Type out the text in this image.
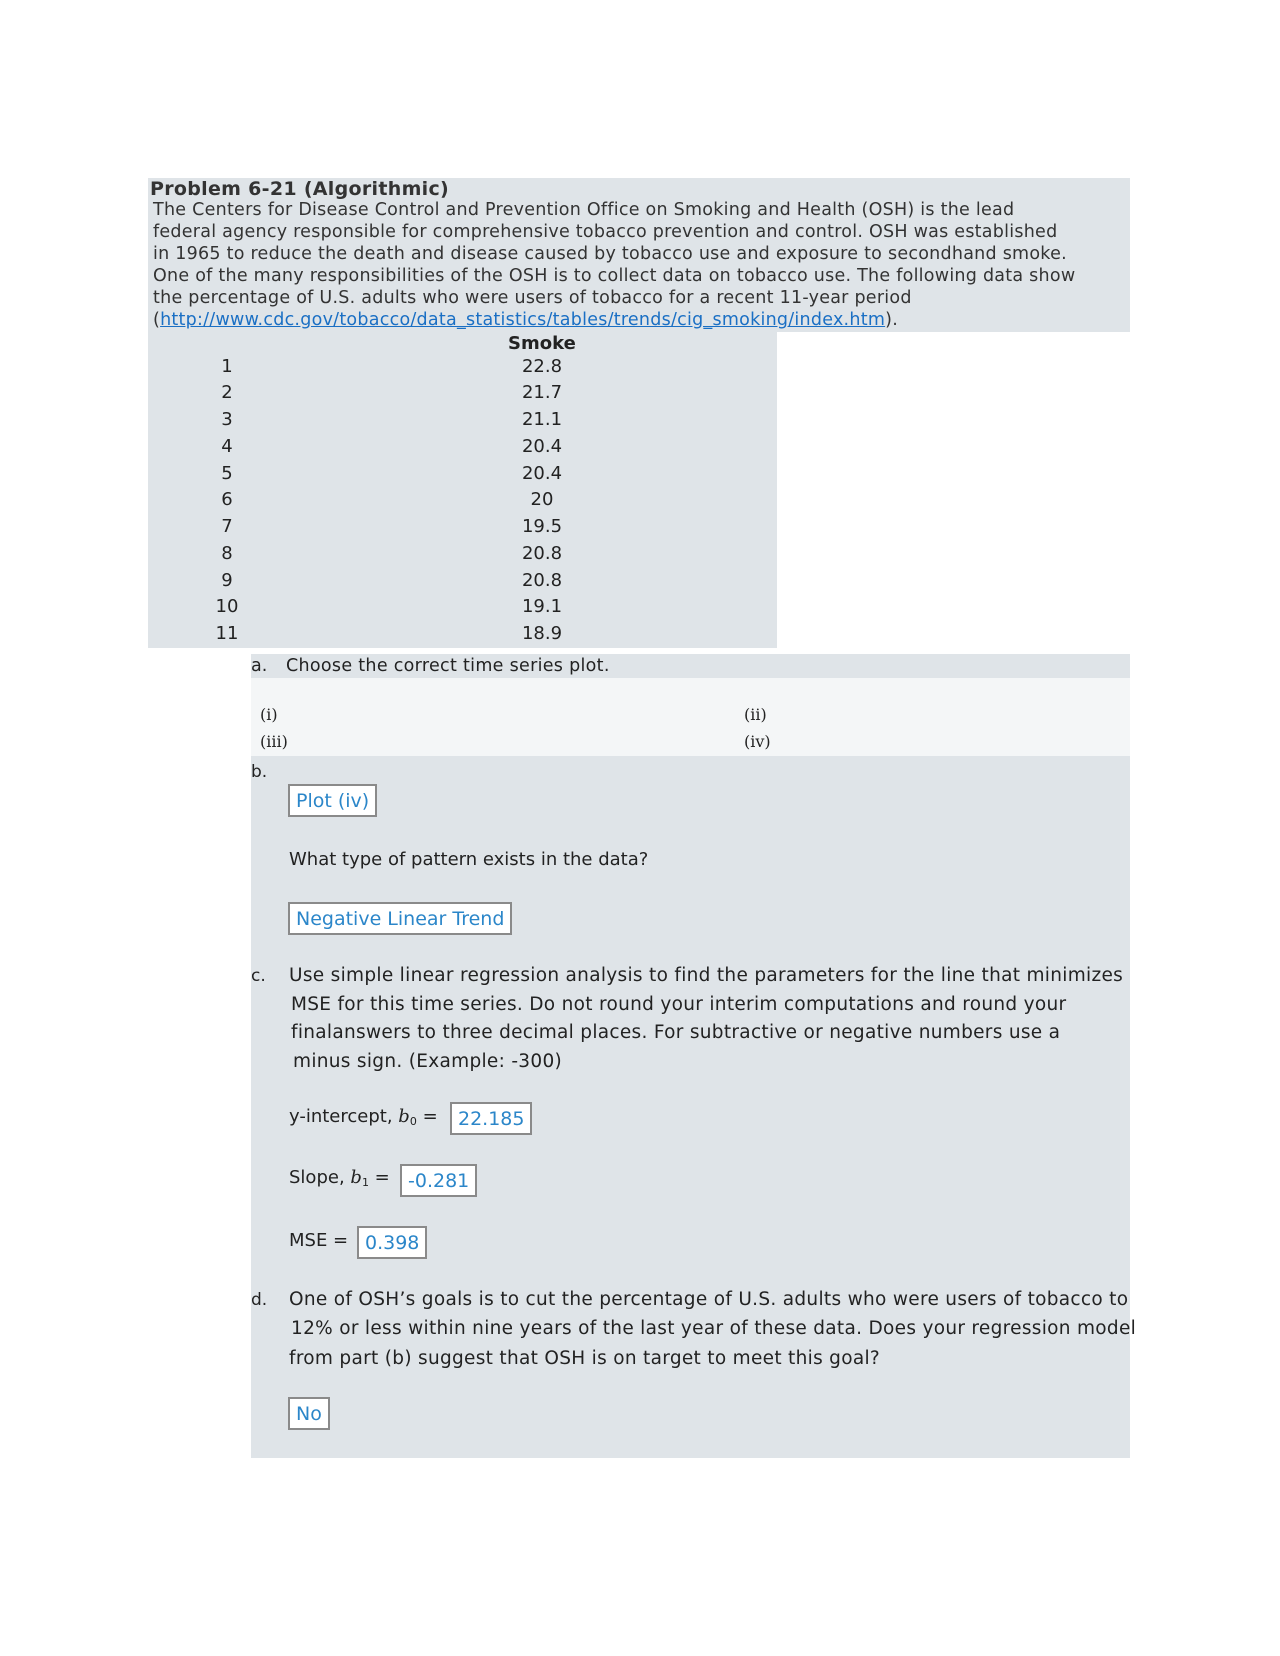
Problem 6-21 (Algorithmic)
The Centers for Disease Control and Prevention Office on Smoking and Health (OSH) is the lead
federal agency responsible for comprehensive tobacco prevention and control. OSH was established
in 1965 to reduce the death and disease caused by tobacco use and exposure to secondhand smoke.
One of the many responsibilities of the OSH is to collect data on tobacco use. The following data show
the percentage of U.S. adults who were users of tobacco for a recent 11-year period
(http://www.cdc.gov/tobacco/data_statistics/tables/trends/cig_smoking/index.htm).
Smoke
1	22.8
2	21.7
3	21.1
4	20.4
5	20.4
6	20
7	19.5
8	20.8
9	20.8
10	19.1
11	18.9
a. Choose the correct time series plot.
(i)	(ii)
(iii)	(iv)
b.
Plot (iv)
What type of pattern exists in the data?
Negative Linear Trend
c. Use simple linear regression analysis to find the parameters for the line that minimizes
MSE for this time series. Do not round your interim computations and round your
finalanswers to three decimal places. For subtractive or negative numbers use a
minus sign. (Example: -300)
y-intercept, $b_0$ =	22.185
Slope, $b_1 = -0.281$
MSE = 0.398
d. One of OSH’s goals is to cut the percentage of U.S. adults who were users of tobacco to
12% or less within nine years of the last year of these data. Does your regression model
from part (b) suggest that OSH is on target to meet this goal?
No
